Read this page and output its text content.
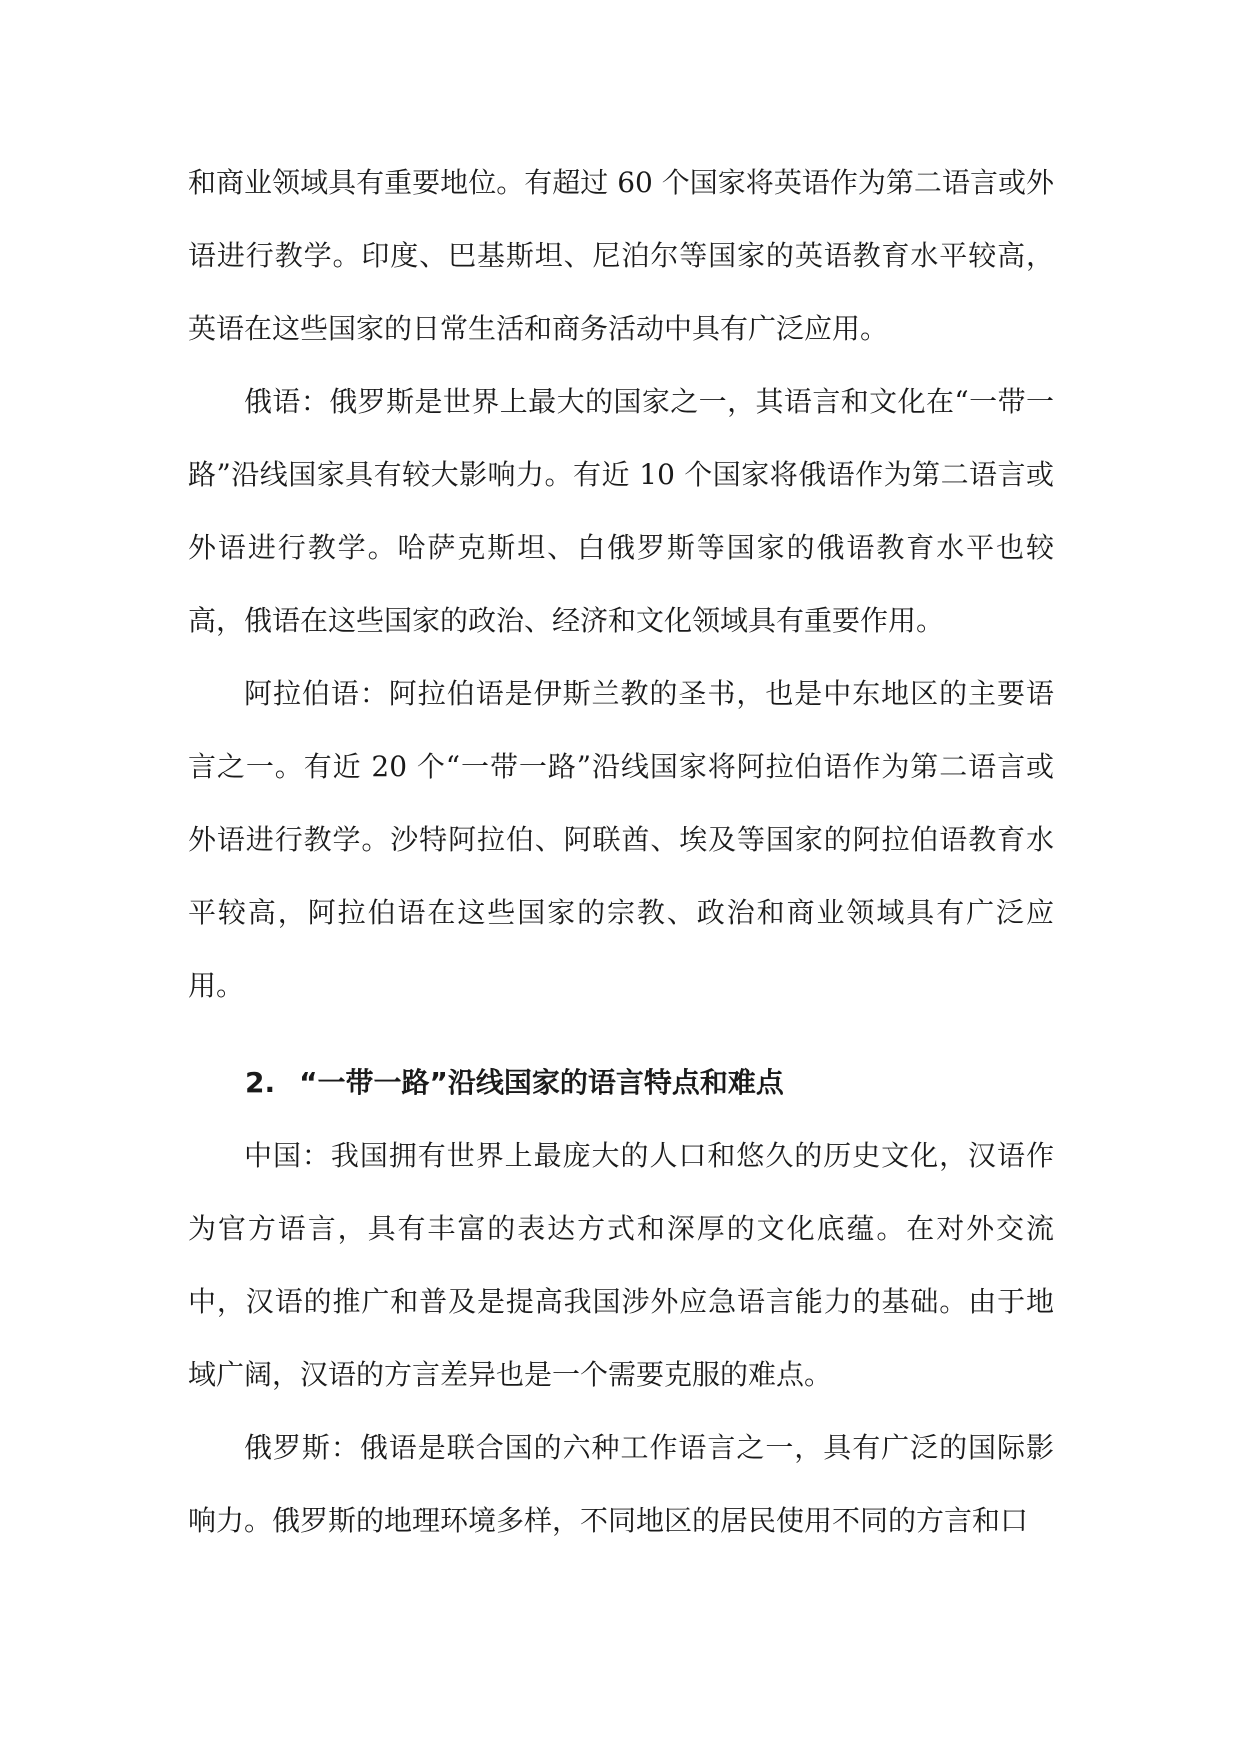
和商业领域具有重要地位。有超过 60 个国家将英语作为第二语言或外语进行教学。印度、巴基斯坦、尼泊尔等国家的英语教育水平较高，英语在这些国家的日常生活和商务活动中具有广泛应用。

俄语：俄罗斯是世界上最大的国家之一，其语言和文化在“一带一路”沿线国家具有较大影响力。有近 10 个国家将俄语作为第二语言或外语进行教学。哈萨克斯坦、白俄罗斯等国家的俄语教育水平也较高，俄语在这些国家的政治、经济和文化领域具有重要作用。

阿拉伯语：阿拉伯语是伊斯兰教的圣书，也是中东地区的主要语言之一。有近 20 个“一带一路”沿线国家将阿拉伯语作为第二语言或外语进行教学。沙特阿拉伯、阿联酋、埃及等国家的阿拉伯语教育水平较高，阿拉伯语在这些国家的宗教、政治和商业领域具有广泛应用。

2. “一带一路”沿线国家的语言特点和难点

中国：我国拥有世界上最庞大的人口和悠久的历史文化，汉语作为官方语言，具有丰富的表达方式和深厚的文化底蕴。在对外交流中，汉语的推广和普及是提高我国涉外应急语言能力的基础。由于地域广阔，汉语的方言差异也是一个需要克服的难点。

俄罗斯：俄语是联合国的六种工作语言之一，具有广泛的国际影响力。俄罗斯的地理环境多样，不同地区的居民使用不同的方言和口
